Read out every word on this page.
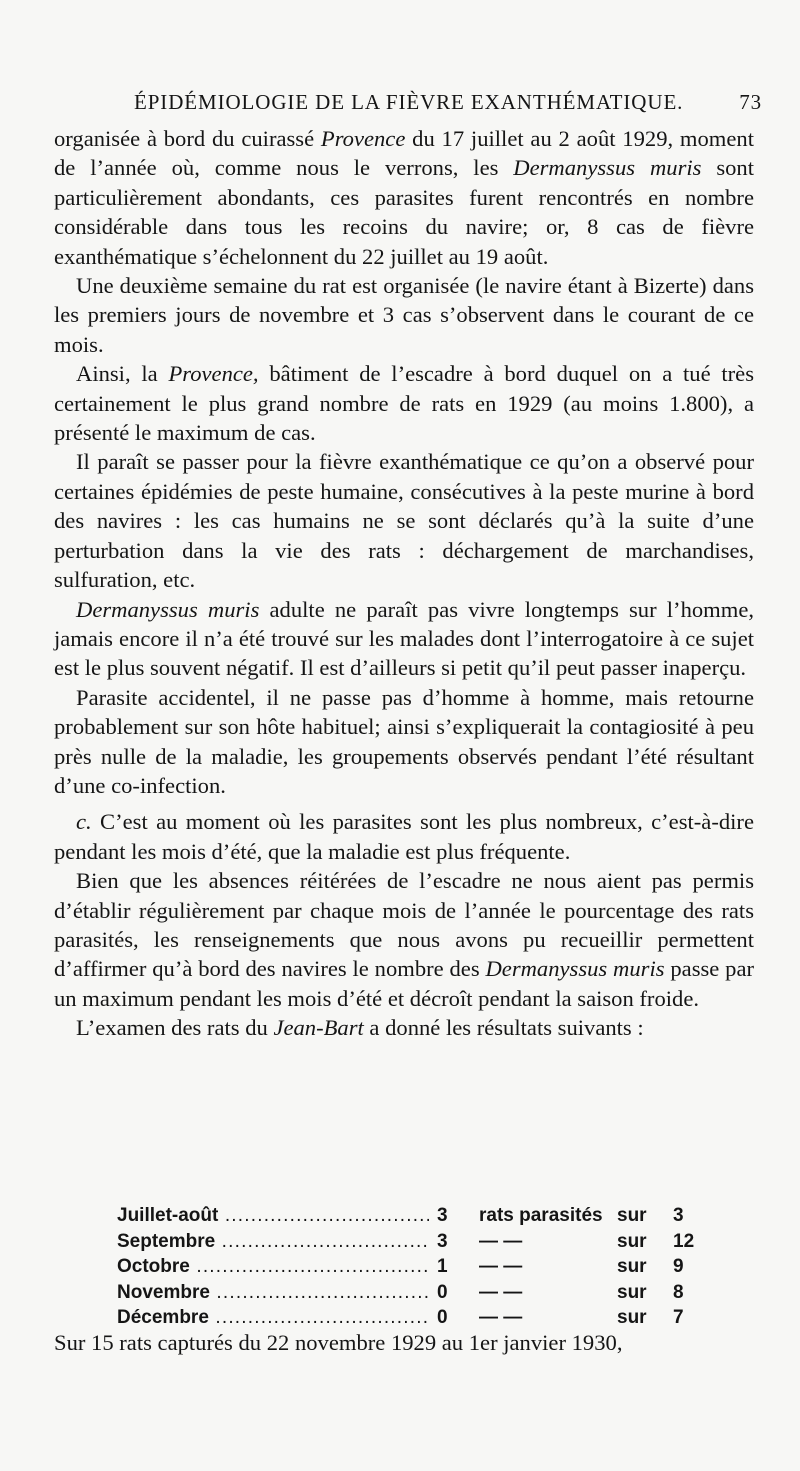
ÉPIDÉMIOLOGIE DE LA FIÈVRE EXANTHÉMATIQUE.	73

organisée à bord du cuirassé Provence du 17 juillet au 2 août 1929, moment de l’année où, comme nous le verrons, les Dermanyssus muris sont particulièrement abondants, ces parasites furent rencontrés en nombre considérable dans tous les recoins du navire; or, 8 cas de fièvre exanthématique s’échelonnent du 22 juillet au 19 août.

Une deuxième semaine du rat est organisée (le navire étant à Bizerte) dans les premiers jours de novembre et 3 cas s’observent dans le courant de ce mois.

Ainsi, la Provence, bâtiment de l’escadre à bord duquel on a tué très certainement le plus grand nombre de rats en 1929 (au moins 1.800), a présenté le maximum de cas.

Il paraît se passer pour la fièvre exanthématique ce qu’on a observé pour certaines épidémies de peste humaine, consécutives à la peste murine à bord des navires : les cas humains ne se sont déclarés qu’à la suite d’une perturbation dans la vie des rats : déchargement de marchandises, sulfuration, etc.

Dermanyssus muris adulte ne paraît pas vivre longtemps sur l’homme, jamais encore il n’a été trouvé sur les malades dont l’interrogatoire à ce sujet est le plus souvent négatif. Il est d’ailleurs si petit qu’il peut passer inaperçu.

Parasite accidentel, il ne passe pas d’homme à homme, mais retourne probablement sur son hôte habituel; ainsi s’expliquerait la contagiosité à peu près nulle de la maladie, les groupements observés pendant l’été résultant d’une co-infection.

c. C’est au moment où les parasites sont les plus nombreux, c’est-à-dire pendant les mois d’été, que la maladie est plus fréquente.

Bien que les absences réitérées de l’escadre ne nous aient pas permis d’établir régulièrement par chaque mois de l’année le pourcentage des rats parasités, les renseignements que nous avons pu recueillir permettent d’affirmer qu’à bord des navires le nombre des Dermanyssus muris passe par un maximum pendant les mois d’été et décroît pendant la saison froide.

L’examen des rats du Jean-Bart a donné les résultats suivants :

Juillet-août .....	3 rats parasités sur 3
Septembre .....	3 — —	sur 12
Octobre .....	1 — —	sur 9
Novembre .....	0 — —	sur 8
Décembre .....	0 — —	sur 7

Sur 15 rats capturés du 22 novembre 1929 au 1er janvier 1930,
